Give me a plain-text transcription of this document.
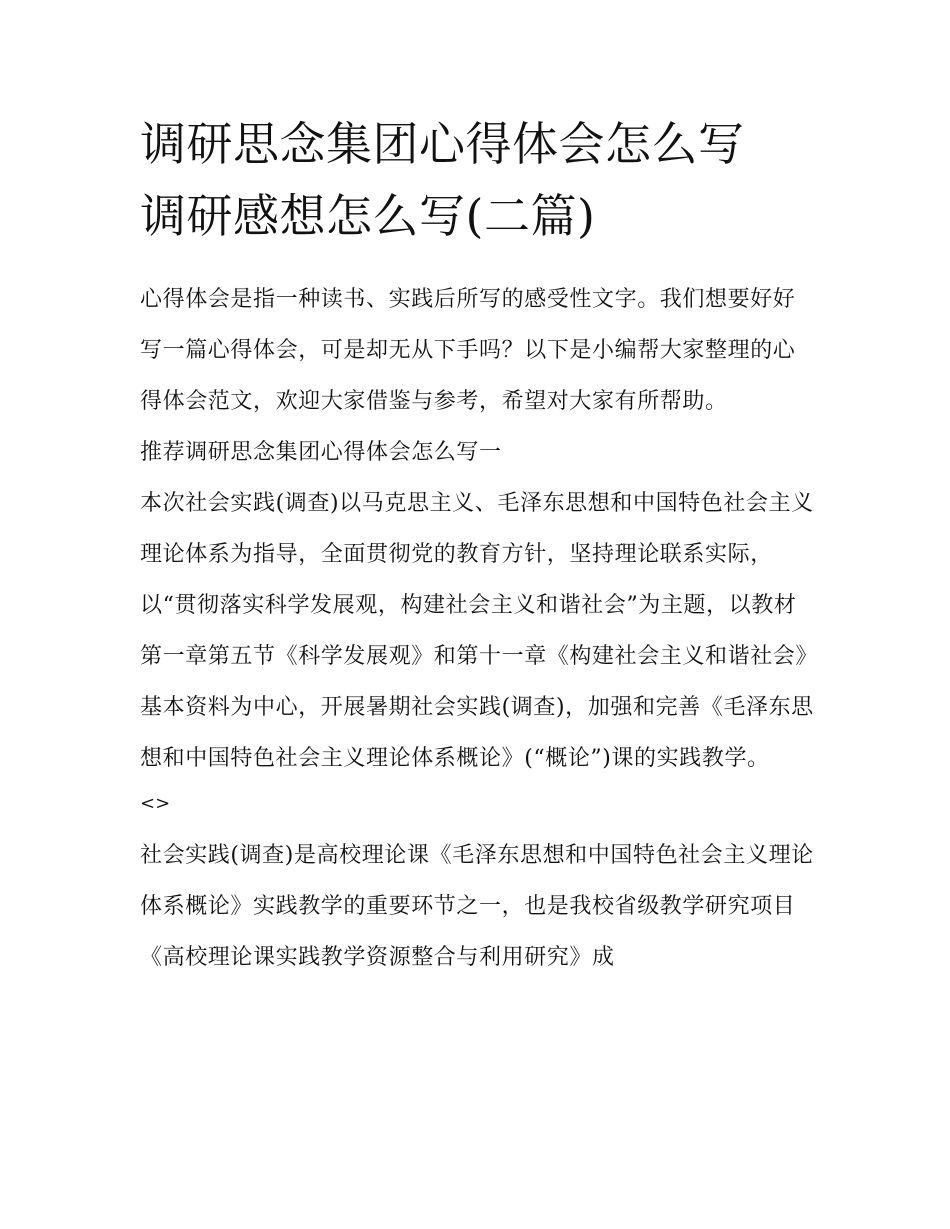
调研思念集团心得体会怎么写
调研感想怎么写(二篇)

心得体会是指一种读书、实践后所写的感受性文字。我们想要好好写一篇心得体会，可是却无从下手吗？以下是小编帮大家整理的心得体会范文，欢迎大家借鉴与参考，希望对大家有所帮助。

推荐调研思念集团心得体会怎么写一

本次社会实践(调查)以马克思主义、毛泽东思想和中国特色社会主义理论体系为指导，全面贯彻党的教育方针，坚持理论联系实际，以“贯彻落实科学发展观，构建社会主义和谐社会”为主题，以教材第一章第五节《科学发展观》和第十一章《构建社会主义和谐社会》基本资料为中心，开展暑期社会实践(调查)，加强和完善《毛泽东思想和中国特色社会主义理论体系概论》(“概论”)课的实践教学。

<>

社会实践(调查)是高校理论课《毛泽东思想和中国特色社会主义理论体系概论》实践教学的重要环节之一，也是我校省级教学研究项目《高校理论课实践教学资源整合与利用研究》成
